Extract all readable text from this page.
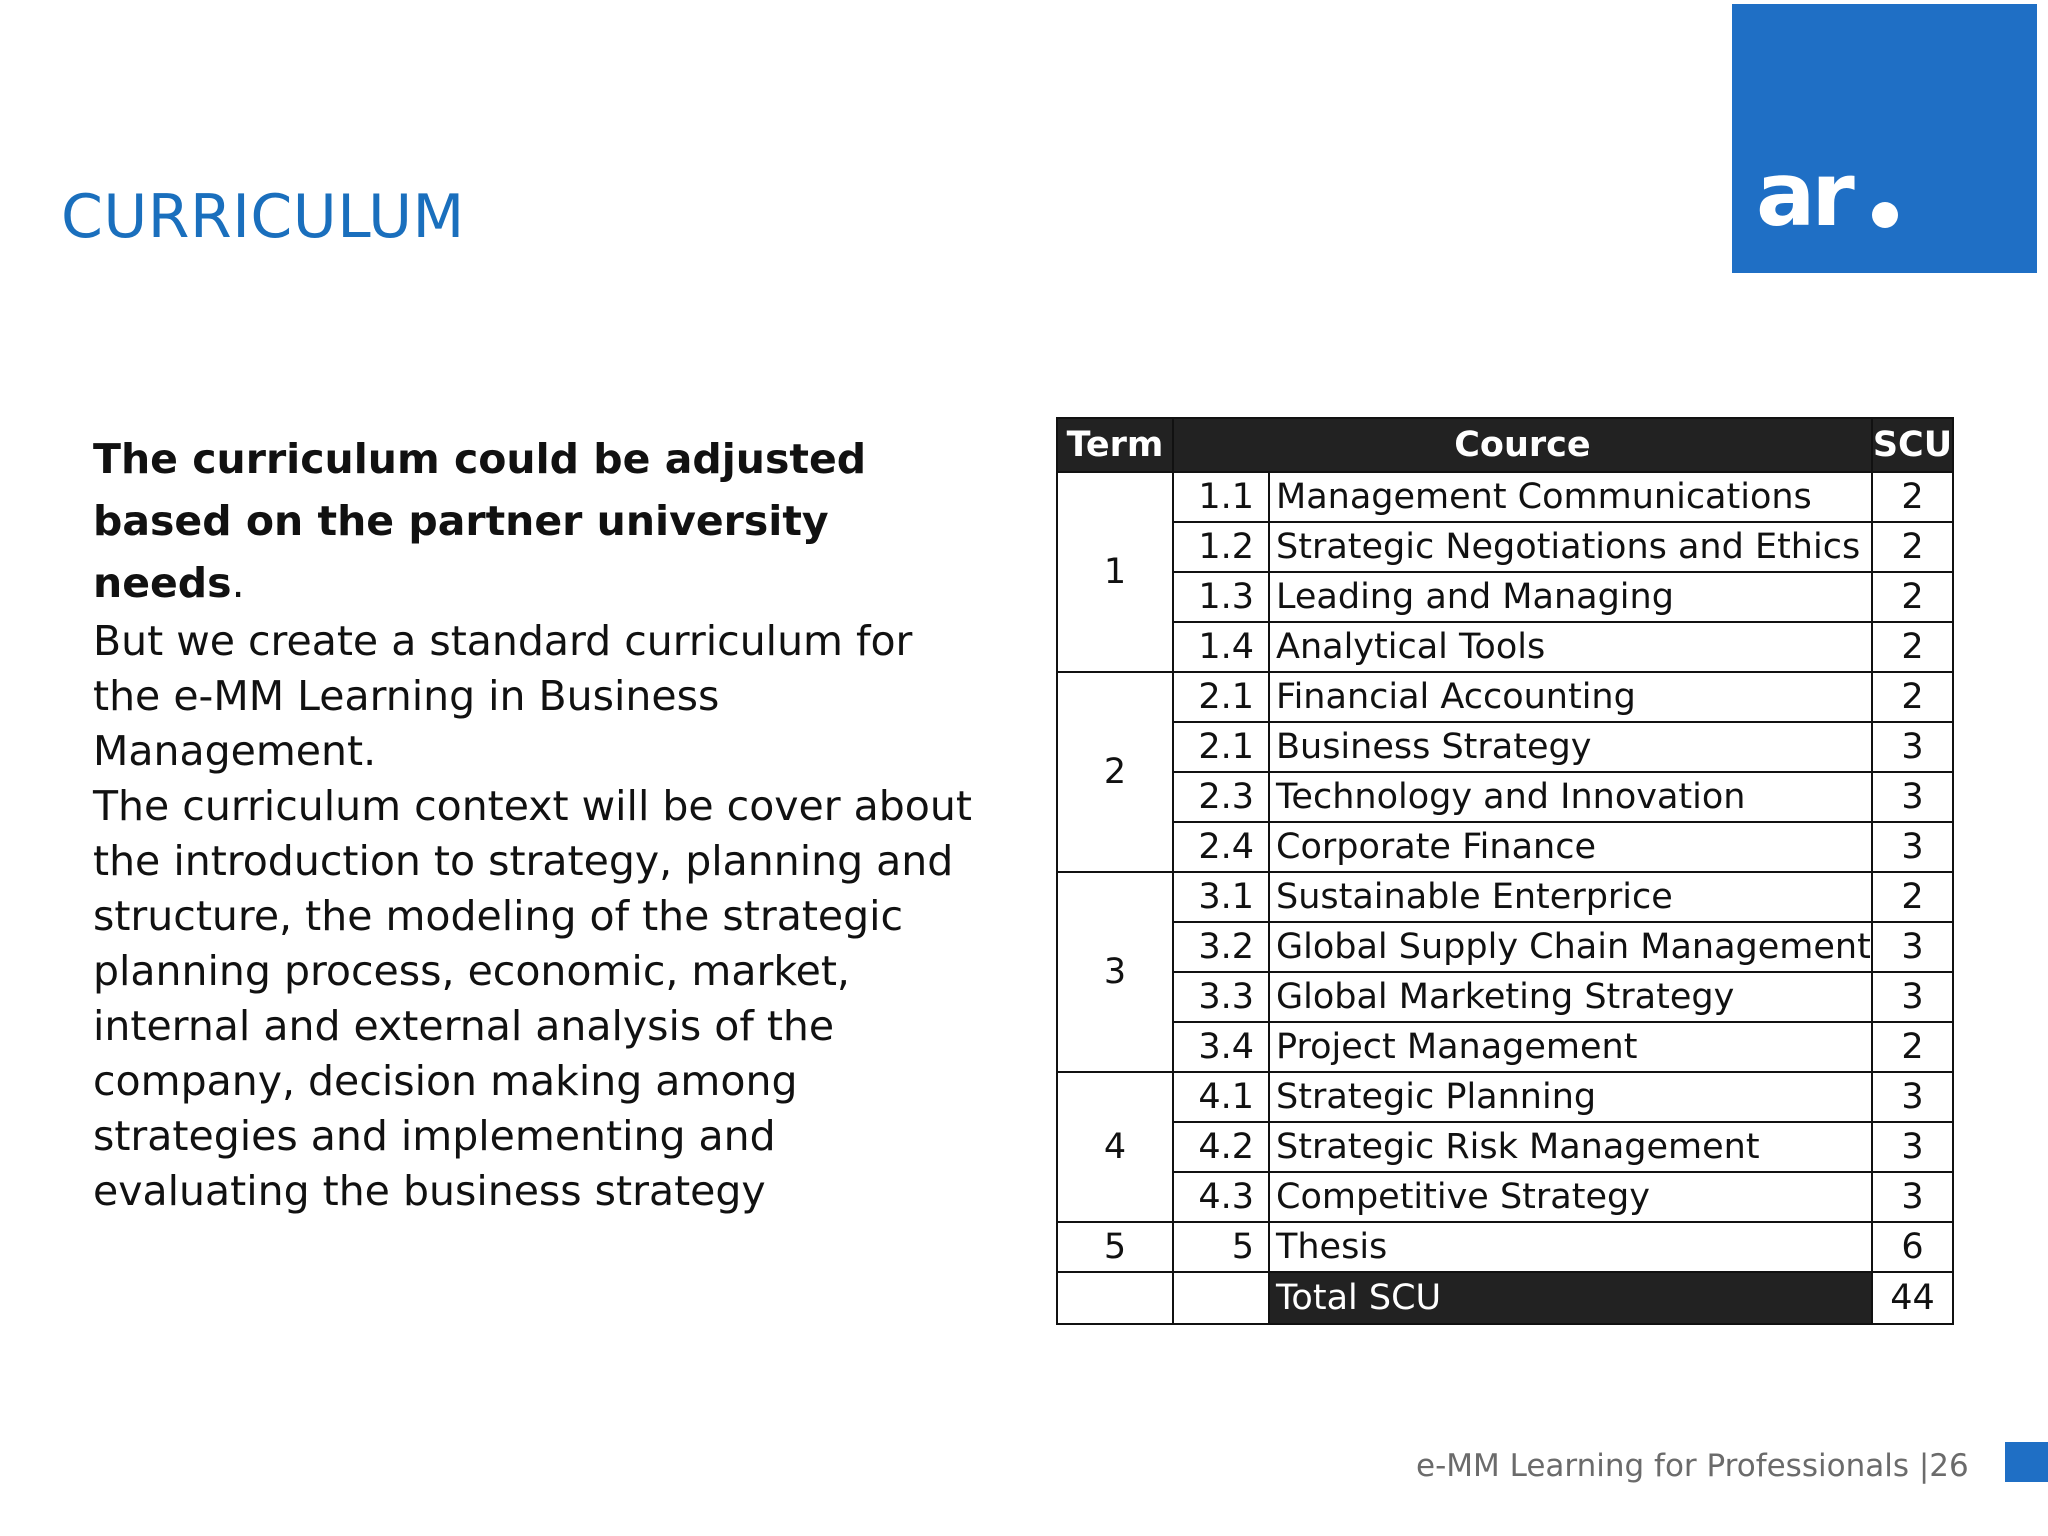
CURRICULUM	ar

The curriculum could be adjusted based on the partner university needs.

But we create a standard curriculum for the e-MM Learning in Business Management.

The curriculum context will be cover about the introduction to strategy, planning and structure, the modeling of the strategic planning process, economic, market, internal and external analysis of the company, decision making among strategies and implementing and evaluating the business strategy

Term	Cource		SCU
1	1.1	Management Communications	2
	1.2	Strategic Negotiations and Ethics	2
	1.3	Leading and Managing	2
	1.4	Analytical Tools	2
2	2.1	Financial Accounting	2
	2.1	Business Strategy	3
	2.3	Technology and Innovation	3
	2.4	Corporate Finance	3
3	3.1	Sustainable Enterprice	2
	3.2	Global Supply Chain Management	3
	3.3	Global Marketing Strategy	3
	3.4	Project Management	2
4	4.1	Strategic Planning	3
	4.2	Strategic Risk Management	3
	4.3	Competitive Strategy	3
5	5	Thesis	6
		Total SCU	44
e-MM Learning for Professionals |26
